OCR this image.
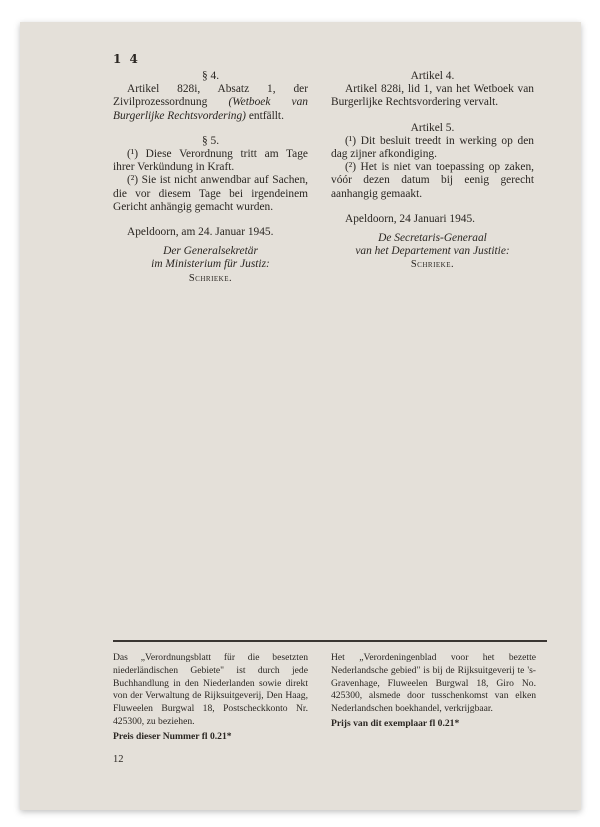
1 4

§ 4.

Artikel 828i, Absatz 1, der Zivilprozessordnung (Wetboek van Burgerlijke Rechtsvordering) entfällt.

§ 5.

(¹) Diese Verordnung tritt am Tage ihrer Verkündung in Kraft.

(²) Sie ist nicht anwendbar auf Sachen, die vor diesem Tage bei irgendeinem Gericht anhängig gemacht wurden.

Apeldoorn, am 24. Januar 1945.

Der Generalsekretär

im Ministerium für Justiz:

Schrieke.

Artikel 4.

Artikel 828i, lid 1, van het Wetboek van Burgerlijke Rechtsvordering vervalt.

Artikel 5.

(¹) Dit besluit treedt in werking op den dag zijner afkondiging.

(²) Het is niet van toepassing op zaken, vóór dezen datum bij eenig gerecht aanhangig gemaakt.

Apeldoorn, 24 Januari 1945.

De Secretaris-Generaal

van het Departement van Justitie:

Schrieke.

Das „Verordnungsblatt für die besetzten niederländischen Gebiete" ist durch jede Buchhandlung in den Niederlanden sowie direkt von der Verwaltung de Rijksuitgeverij, Den Haag, Fluweelen Burgwal 18, Postscheckkonto Nr. 425300, zu beziehen.
Preis dieser Nummer fl 0.21*
Het „Verordeningenblad voor het bezette Nederlandsche gebied" is bij de Rijksuitgeverij te 's-Gravenhage, Fluweelen Burgwal 18, Giro No. 425300, alsmede door tusschenkomst van elken Nederlandschen boekhandel, verkrijgbaar.
Prijs van dit exemplaar fl 0.21*
12
